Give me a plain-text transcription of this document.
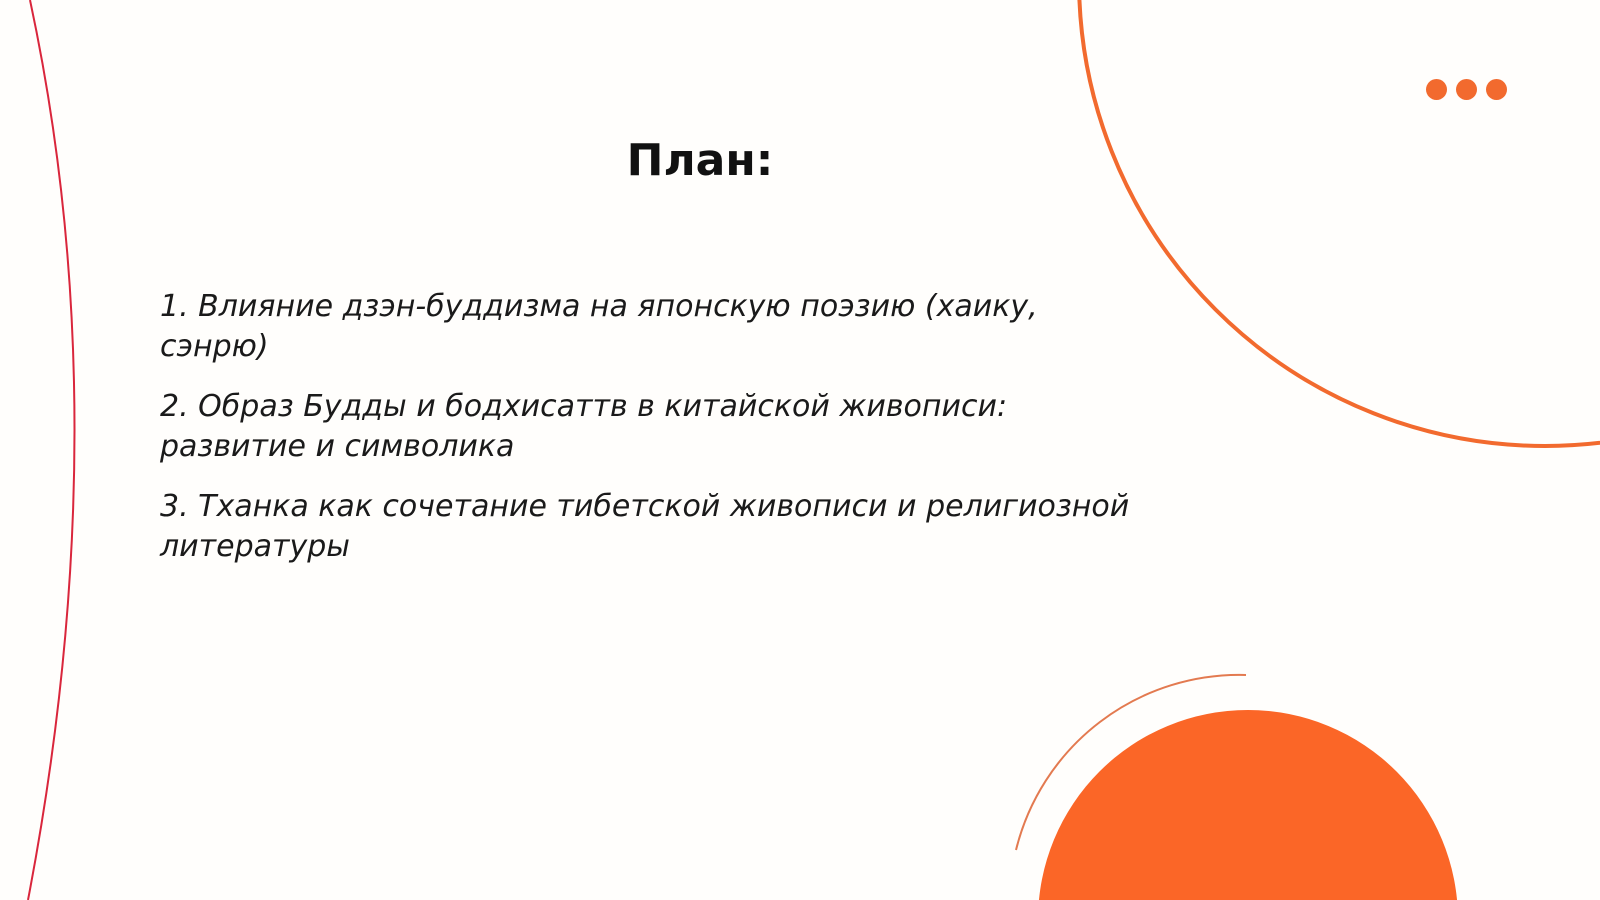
План:

1. Влияние дзэн-буддизма на японскую поэзию (хаику, сэнрю)

2. Образ Будды и бодхисаттв в китайской живописи: развитие и символика

3. Тханка как сочетание тибетской живописи и религиозной литературы
